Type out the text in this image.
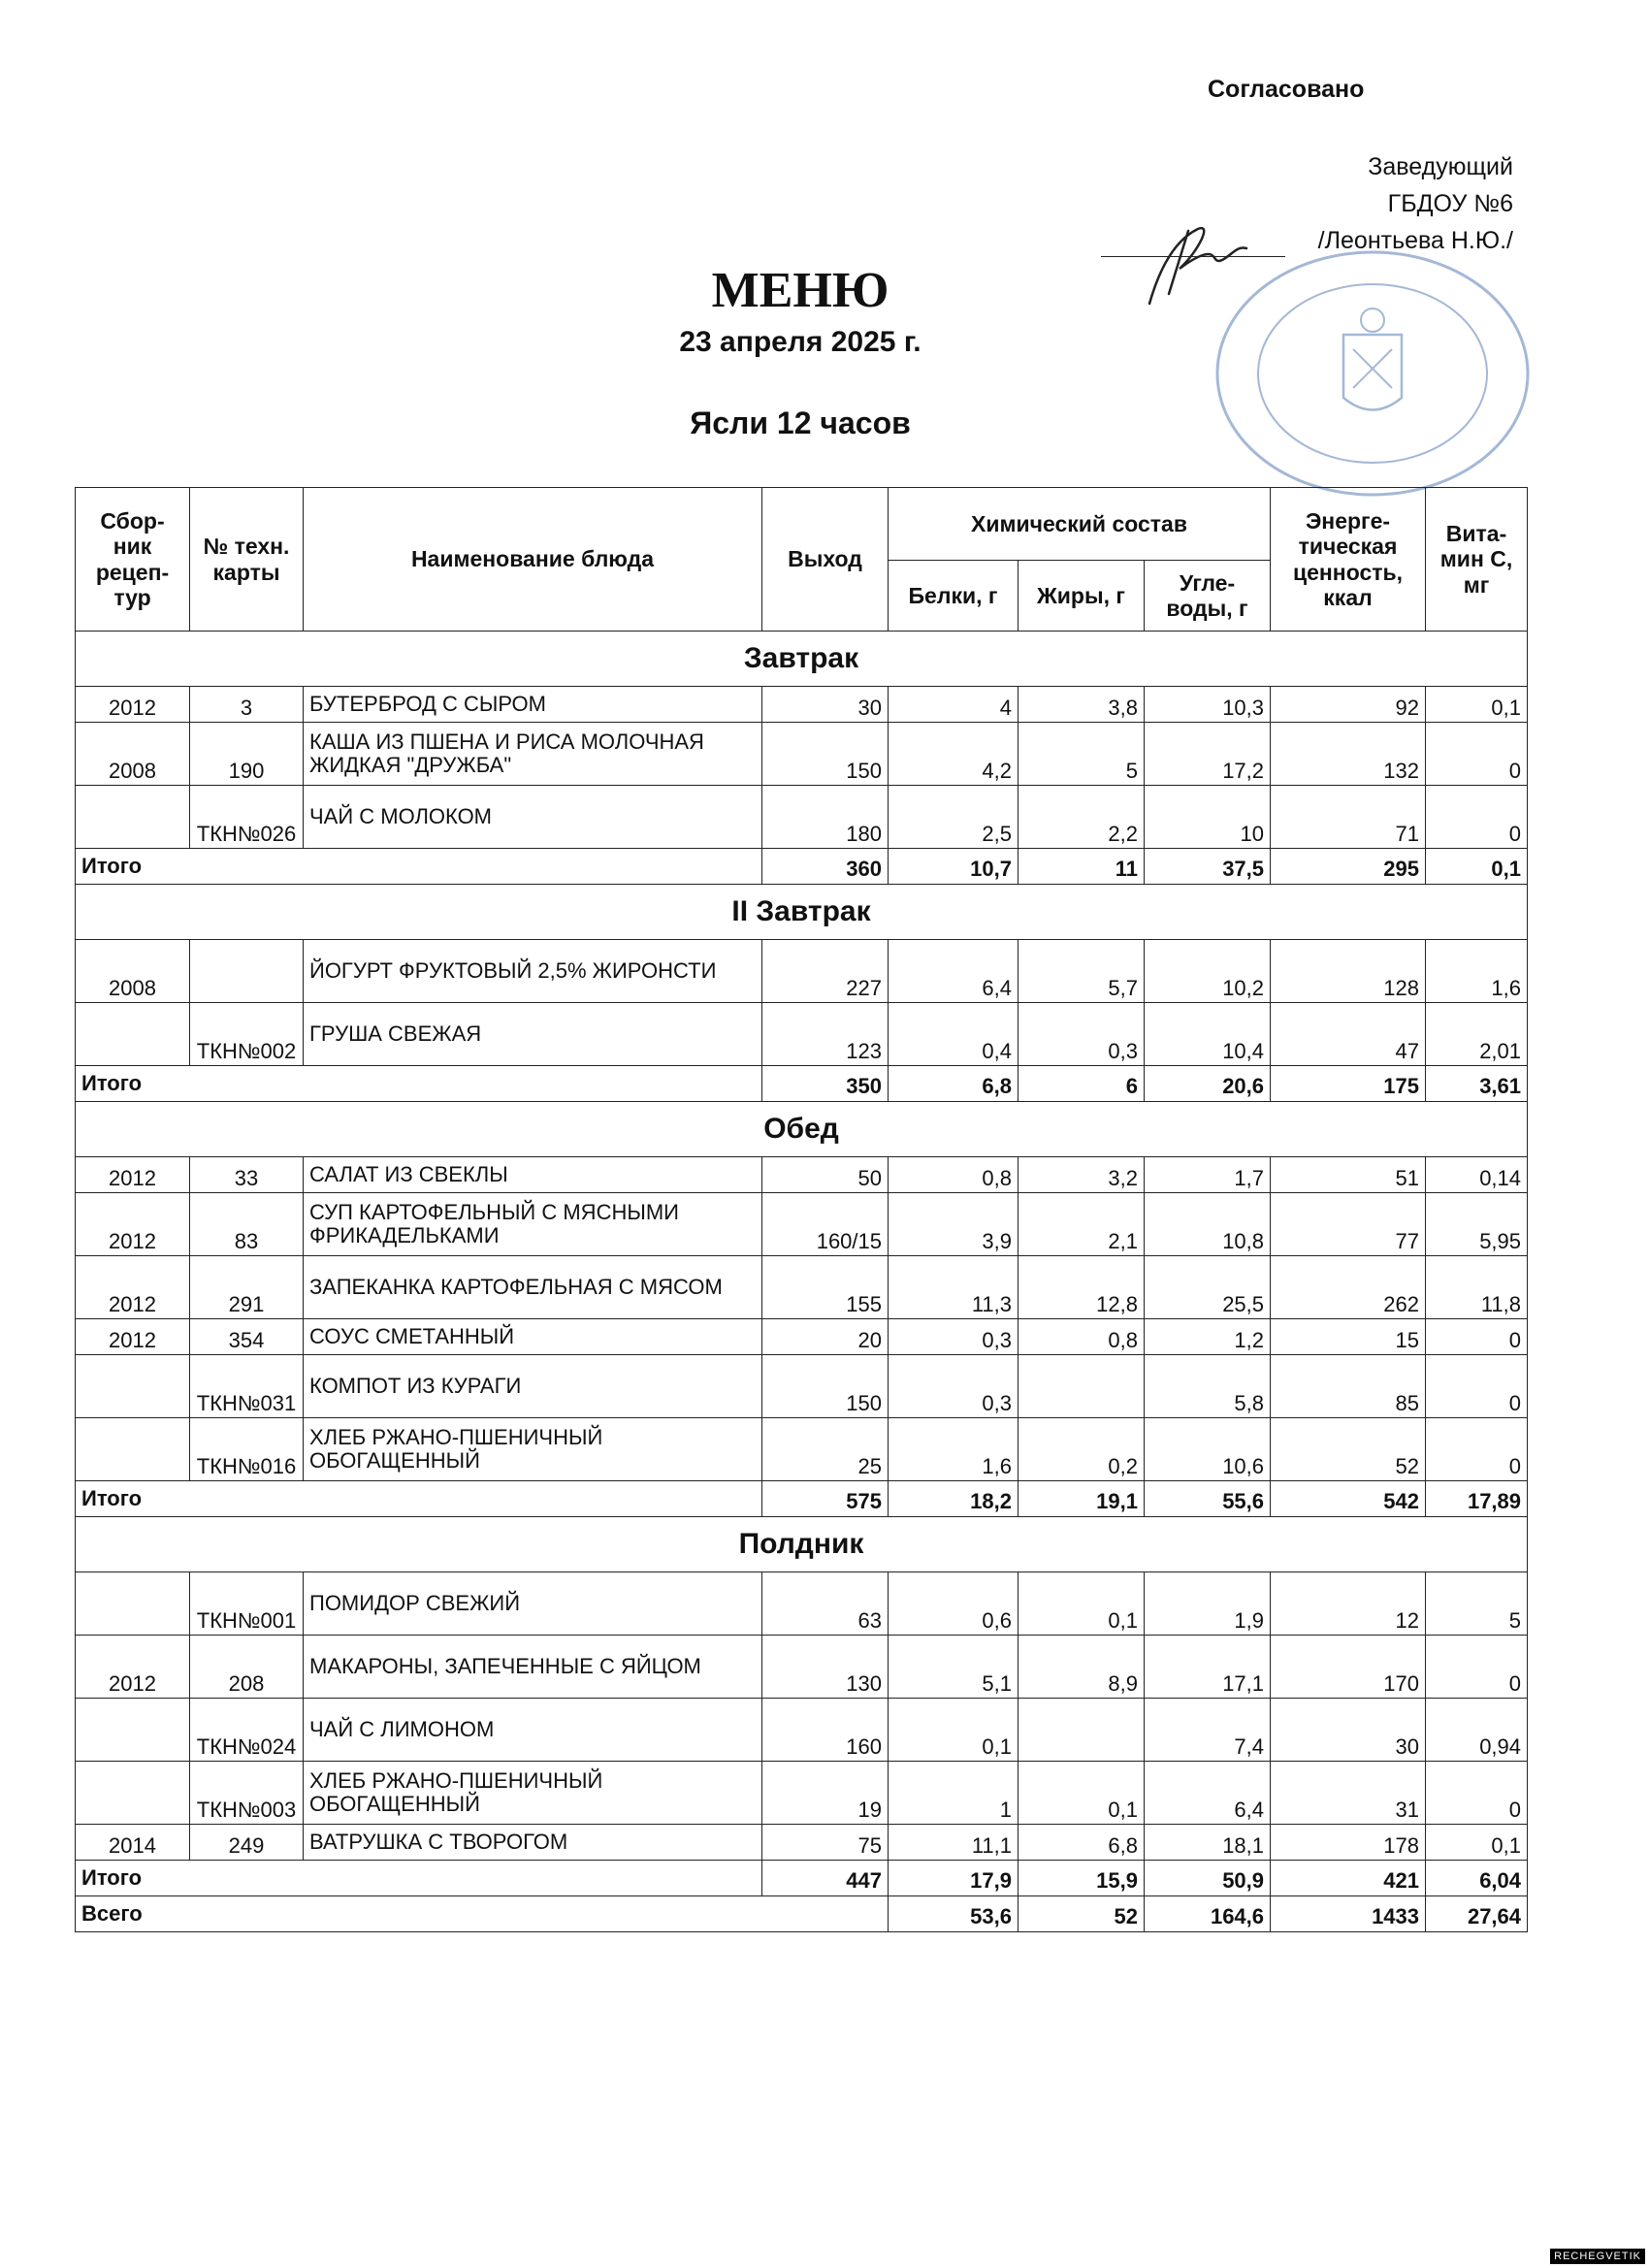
Согласовано
Заведующий
ГБДОУ №6
/Леонтьева Н.Ю./
МЕНЮ
23 апреля 2025 г.
Ясли 12 часов
Сбор-ник рецеп-тур	№ техн. карты	Наименование блюда	Выход	Химический состав			Энерге-тическая ценность, ккал	Вита-мин С, мг
				Белки, г	Жиры, г	Угле-воды, г		
Завтрак								
2012	3	БУТЕРБРОД С СЫРОМ	30	4	3,8	10,3	92	0,1
2008	190	КАША ИЗ ПШЕНА И РИСА МОЛОЧНАЯ ЖИДКАЯ "ДРУЖБА"	150	4,2	5	17,2	132	0
	ТКН№026	ЧАЙ С МОЛОКОМ	180	2,5	2,2	10	71	0
Итого			360	10,7	11	37,5	295	0,1
II Завтрак								
2008		ЙОГУРТ ФРУКТОВЫЙ 2,5% ЖИРОНСТИ	227	6,4	5,7	10,2	128	1,6
	ТКН№002	ГРУША СВЕЖАЯ	123	0,4	0,3	10,4	47	2,01
Итого			350	6,8	6	20,6	175	3,61
Обед								
2012	33	САЛАТ ИЗ СВЕКЛЫ	50	0,8	3,2	1,7	51	0,14
2012	83	СУП КАРТОФЕЛЬНЫЙ С МЯСНЫМИ ФРИКАДЕЛЬКАМИ	160/15	3,9	2,1	10,8	77	5,95
2012	291	ЗАПЕКАНКА КАРТОФЕЛЬНАЯ С МЯСОМ	155	11,3	12,8	25,5	262	11,8
2012	354	СОУС СМЕТАННЫЙ	20	0,3	0,8	1,2	15	0
	ТКН№031	КОМПОТ ИЗ КУРАГИ	150	0,3		5,8	85	0
	ТКН№016	ХЛЕБ РЖАНО-ПШЕНИЧНЫЙ ОБОГАЩЕННЫЙ	25	1,6	0,2	10,6	52	0
Итого			575	18,2	19,1	55,6	542	17,89
Полдник								
	ТКН№001	ПОМИДОР СВЕЖИЙ	63	0,6	0,1	1,9	12	5
2012	208	МАКАРОНЫ, ЗАПЕЧЕННЫЕ С ЯЙЦОМ	130	5,1	8,9	17,1	170	0
	ТКН№024	ЧАЙ С ЛИМОНОМ	160	0,1		7,4	30	0,94
	ТКН№003	ХЛЕБ РЖАНО-ПШЕНИЧНЫЙ ОБОГАЩЕННЫЙ	19	1	0,1	6,4	31	0
2014	249	ВАТРУШКА С ТВОРОГОМ	75	11,1	6,8	18,1	178	0,1
Итого			447	17,9	15,9	50,9	421	6,04
Всего				53,6	52	164,6	1433	27,64
RECHEGVETIK
